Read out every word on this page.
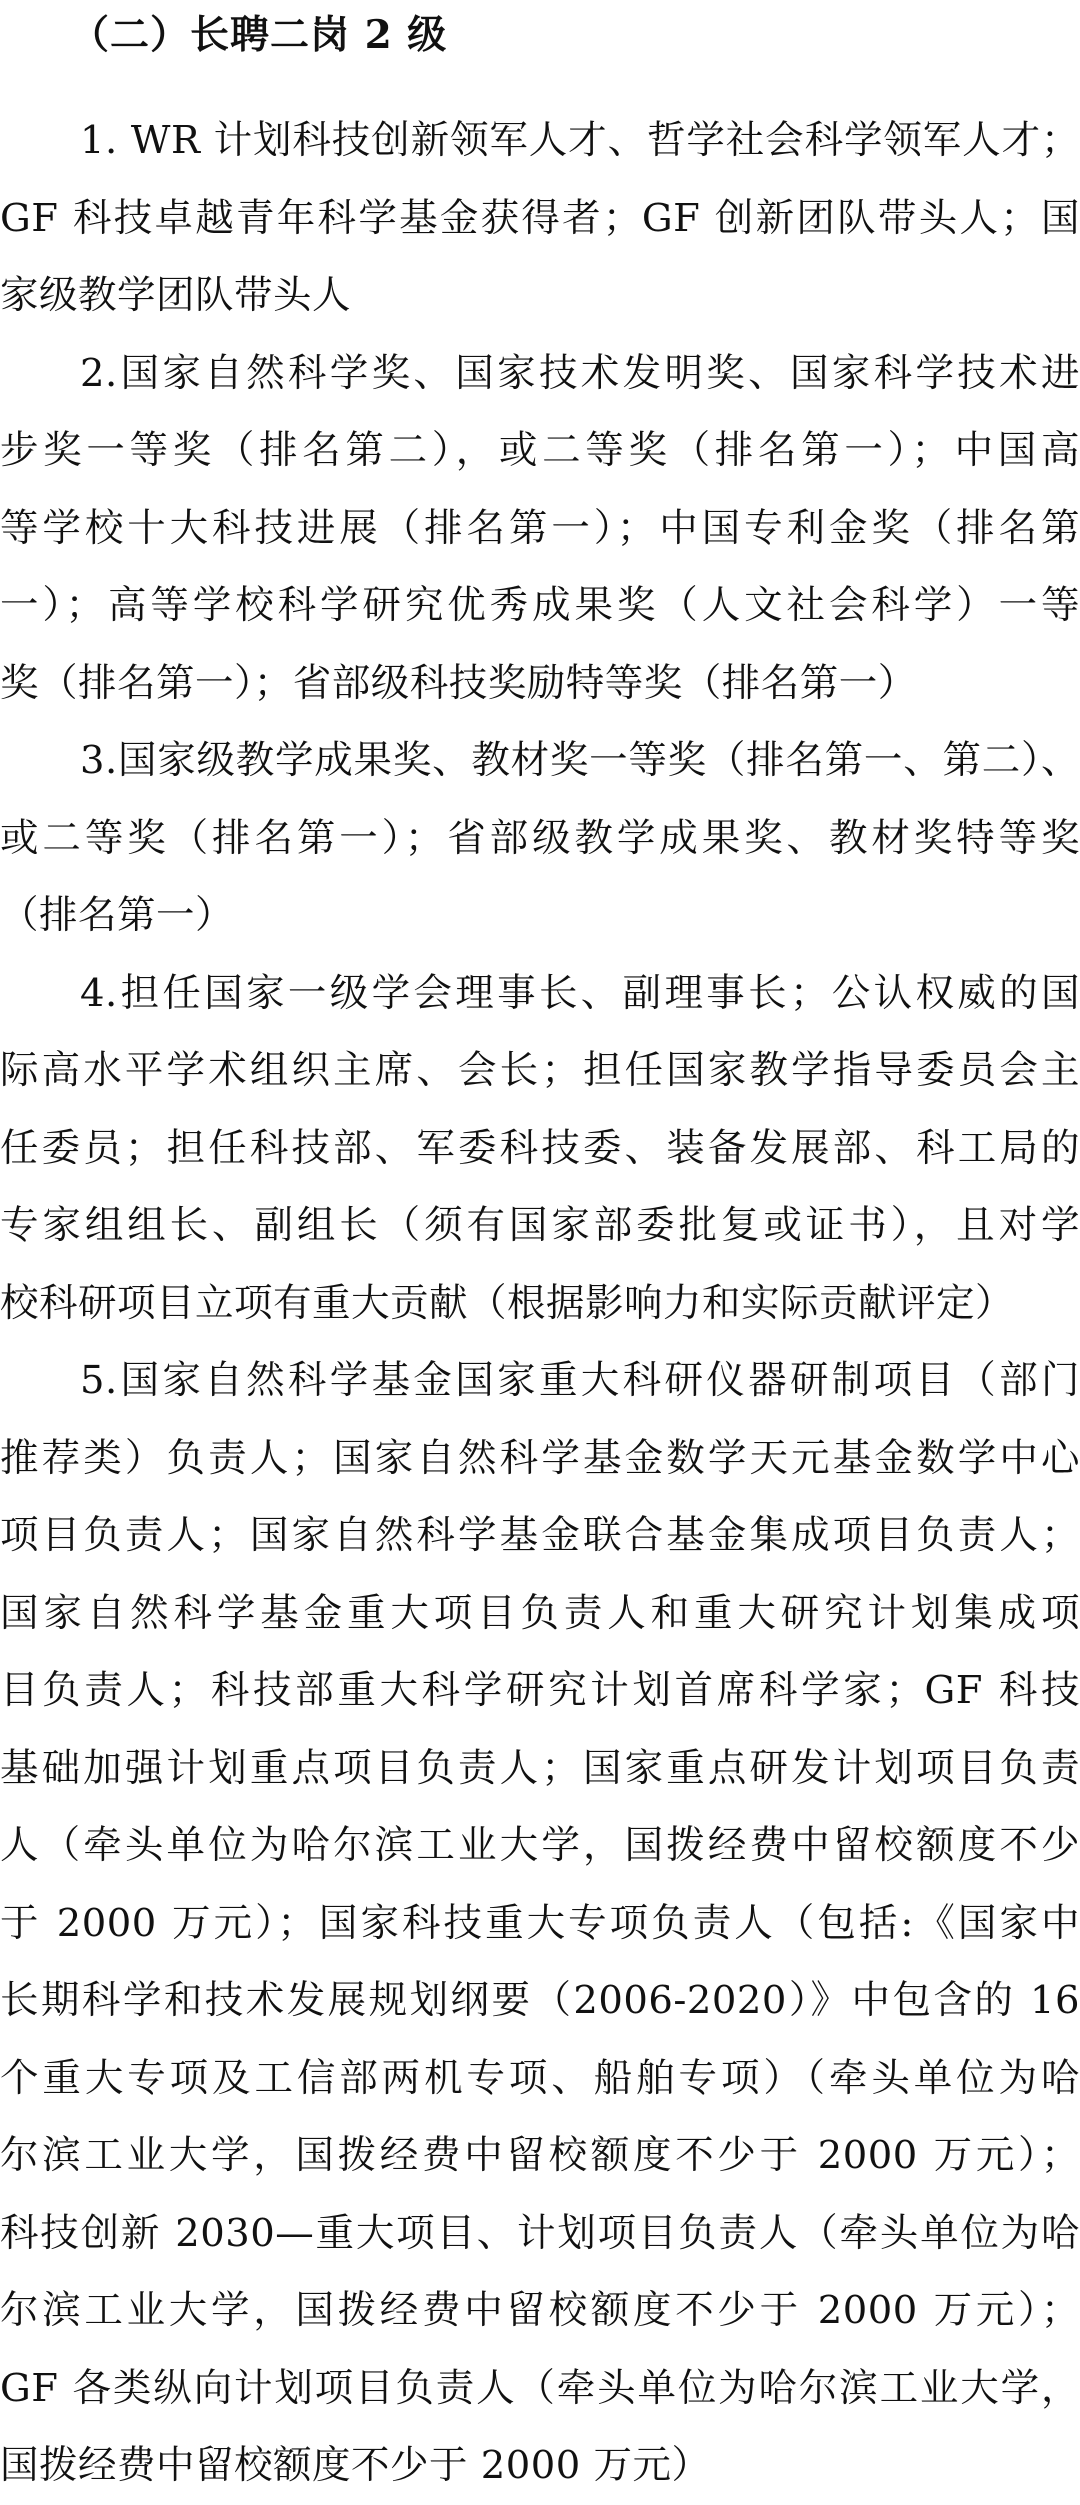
（二）长聘二岗 2 级

1. WR 计划科技创新领军人才、哲学社会科学领军人才；
GF 科技卓越青年科学基金获得者；GF 创新团队带头人；国
家级教学团队带头人

2.国家自然科学奖、国家技术发明奖、国家科学技术进
步奖一等奖（排名第二），或二等奖（排名第一）；中国高
等学校十大科技进展（排名第一）；中国专利金奖（排名第
一）；高等学校科学研究优秀成果奖（人文社会科学）一等
奖（排名第一）；省部级科技奖励特等奖（排名第一）

3.国家级教学成果奖、教材奖一等奖（排名第一、第二）、
或二等奖（排名第一）；省部级教学成果奖、教材奖特等奖
（排名第一）

4.担任国家一级学会理事长、副理事长；公认权威的国
际高水平学术组织主席、会长；担任国家教学指导委员会主
任委员；担任科技部、军委科技委、装备发展部、科工局的
专家组组长、副组长（须有国家部委批复或证书），且对学
校科研项目立项有重大贡献（根据影响力和实际贡献评定）

5.国家自然科学基金国家重大科研仪器研制项目（部门
推荐类）负责人；国家自然科学基金数学天元基金数学中心
项目负责人；国家自然科学基金联合基金集成项目负责人；
国家自然科学基金重大项目负责人和重大研究计划集成项
目负责人；科技部重大科学研究计划首席科学家；GF 科技
基础加强计划重点项目负责人；国家重点研发计划项目负责
人（牵头单位为哈尔滨工业大学，国拨经费中留校额度不少
于 2000 万元）；国家科技重大专项负责人（包括:《国家中
长期科学和技术发展规划纲要（2006-2020）》中包含的 16
个重大专项及工信部两机专项、船舶专项）（牵头单位为哈
尔滨工业大学，国拨经费中留校额度不少于 2000 万元）；
科技创新 2030—重大项目、计划项目负责人（牵头单位为哈
尔滨工业大学，国拨经费中留校额度不少于 2000 万元）；
GF 各类纵向计划项目负责人（牵头单位为哈尔滨工业大学，
国拨经费中留校额度不少于 2000 万元）
